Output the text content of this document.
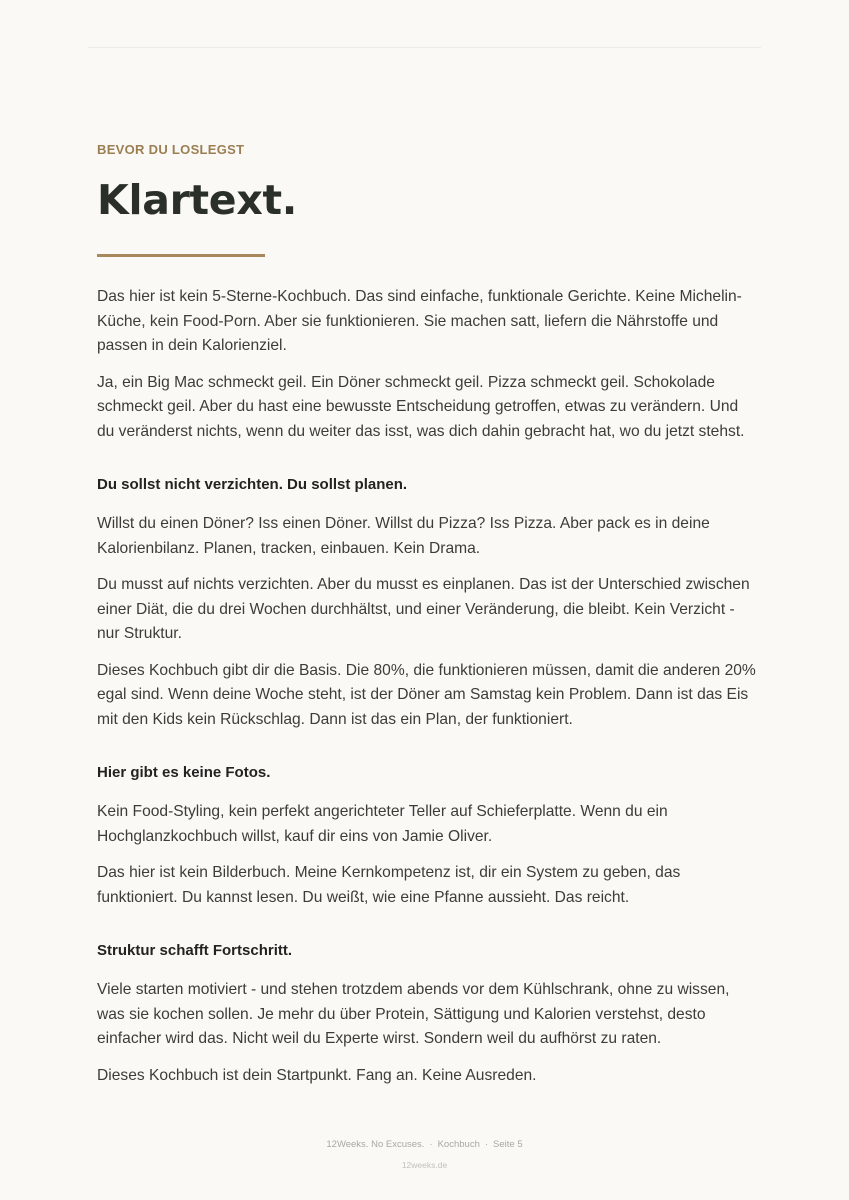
BEVOR DU LOSLEGST

Klartext.

Das hier ist kein 5-Sterne-Kochbuch. Das sind einfache, funktionale Gerichte. Keine Michelin-Küche, kein Food-Porn. Aber sie funktionieren. Sie machen satt, liefern die Nährstoffe und passen in dein Kalorienziel.

Ja, ein Big Mac schmeckt geil. Ein Döner schmeckt geil. Pizza schmeckt geil. Schokolade schmeckt geil. Aber du hast eine bewusste Entscheidung getroffen, etwas zu verändern. Und du veränderst nichts, wenn du weiter das isst, was dich dahin gebracht hat, wo du jetzt stehst.

Du sollst nicht verzichten. Du sollst planen.

Willst du einen Döner? Iss einen Döner. Willst du Pizza? Iss Pizza. Aber pack es in deine Kalorienbilanz. Planen, tracken, einbauen. Kein Drama.

Du musst auf nichts verzichten. Aber du musst es einplanen. Das ist der Unterschied zwischen einer Diät, die du drei Wochen durchhältst, und einer Veränderung, die bleibt. Kein Verzicht - nur Struktur.

Dieses Kochbuch gibt dir die Basis. Die 80%, die funktionieren müssen, damit die anderen 20% egal sind. Wenn deine Woche steht, ist der Döner am Samstag kein Problem. Dann ist das Eis mit den Kids kein Rückschlag. Dann ist das ein Plan, der funktioniert.

Hier gibt es keine Fotos.

Kein Food-Styling, kein perfekt angerichteter Teller auf Schieferplatte. Wenn du ein Hochglanzkochbuch willst, kauf dir eins von Jamie Oliver.

Das hier ist kein Bilderbuch. Meine Kernkompetenz ist, dir ein System zu geben, das funktioniert. Du kannst lesen. Du weißt, wie eine Pfanne aussieht. Das reicht.

Struktur schafft Fortschritt.

Viele starten motiviert - und stehen trotzdem abends vor dem Kühlschrank, ohne zu wissen, was sie kochen sollen. Je mehr du über Protein, Sättigung und Kalorien verstehst, desto einfacher wird das. Nicht weil du Experte wirst. Sondern weil du aufhörst zu raten.

Dieses Kochbuch ist dein Startpunkt. Fang an. Keine Ausreden.

12Weeks. No Excuses. · Kochbuch · Seite 5
12weeks.de
